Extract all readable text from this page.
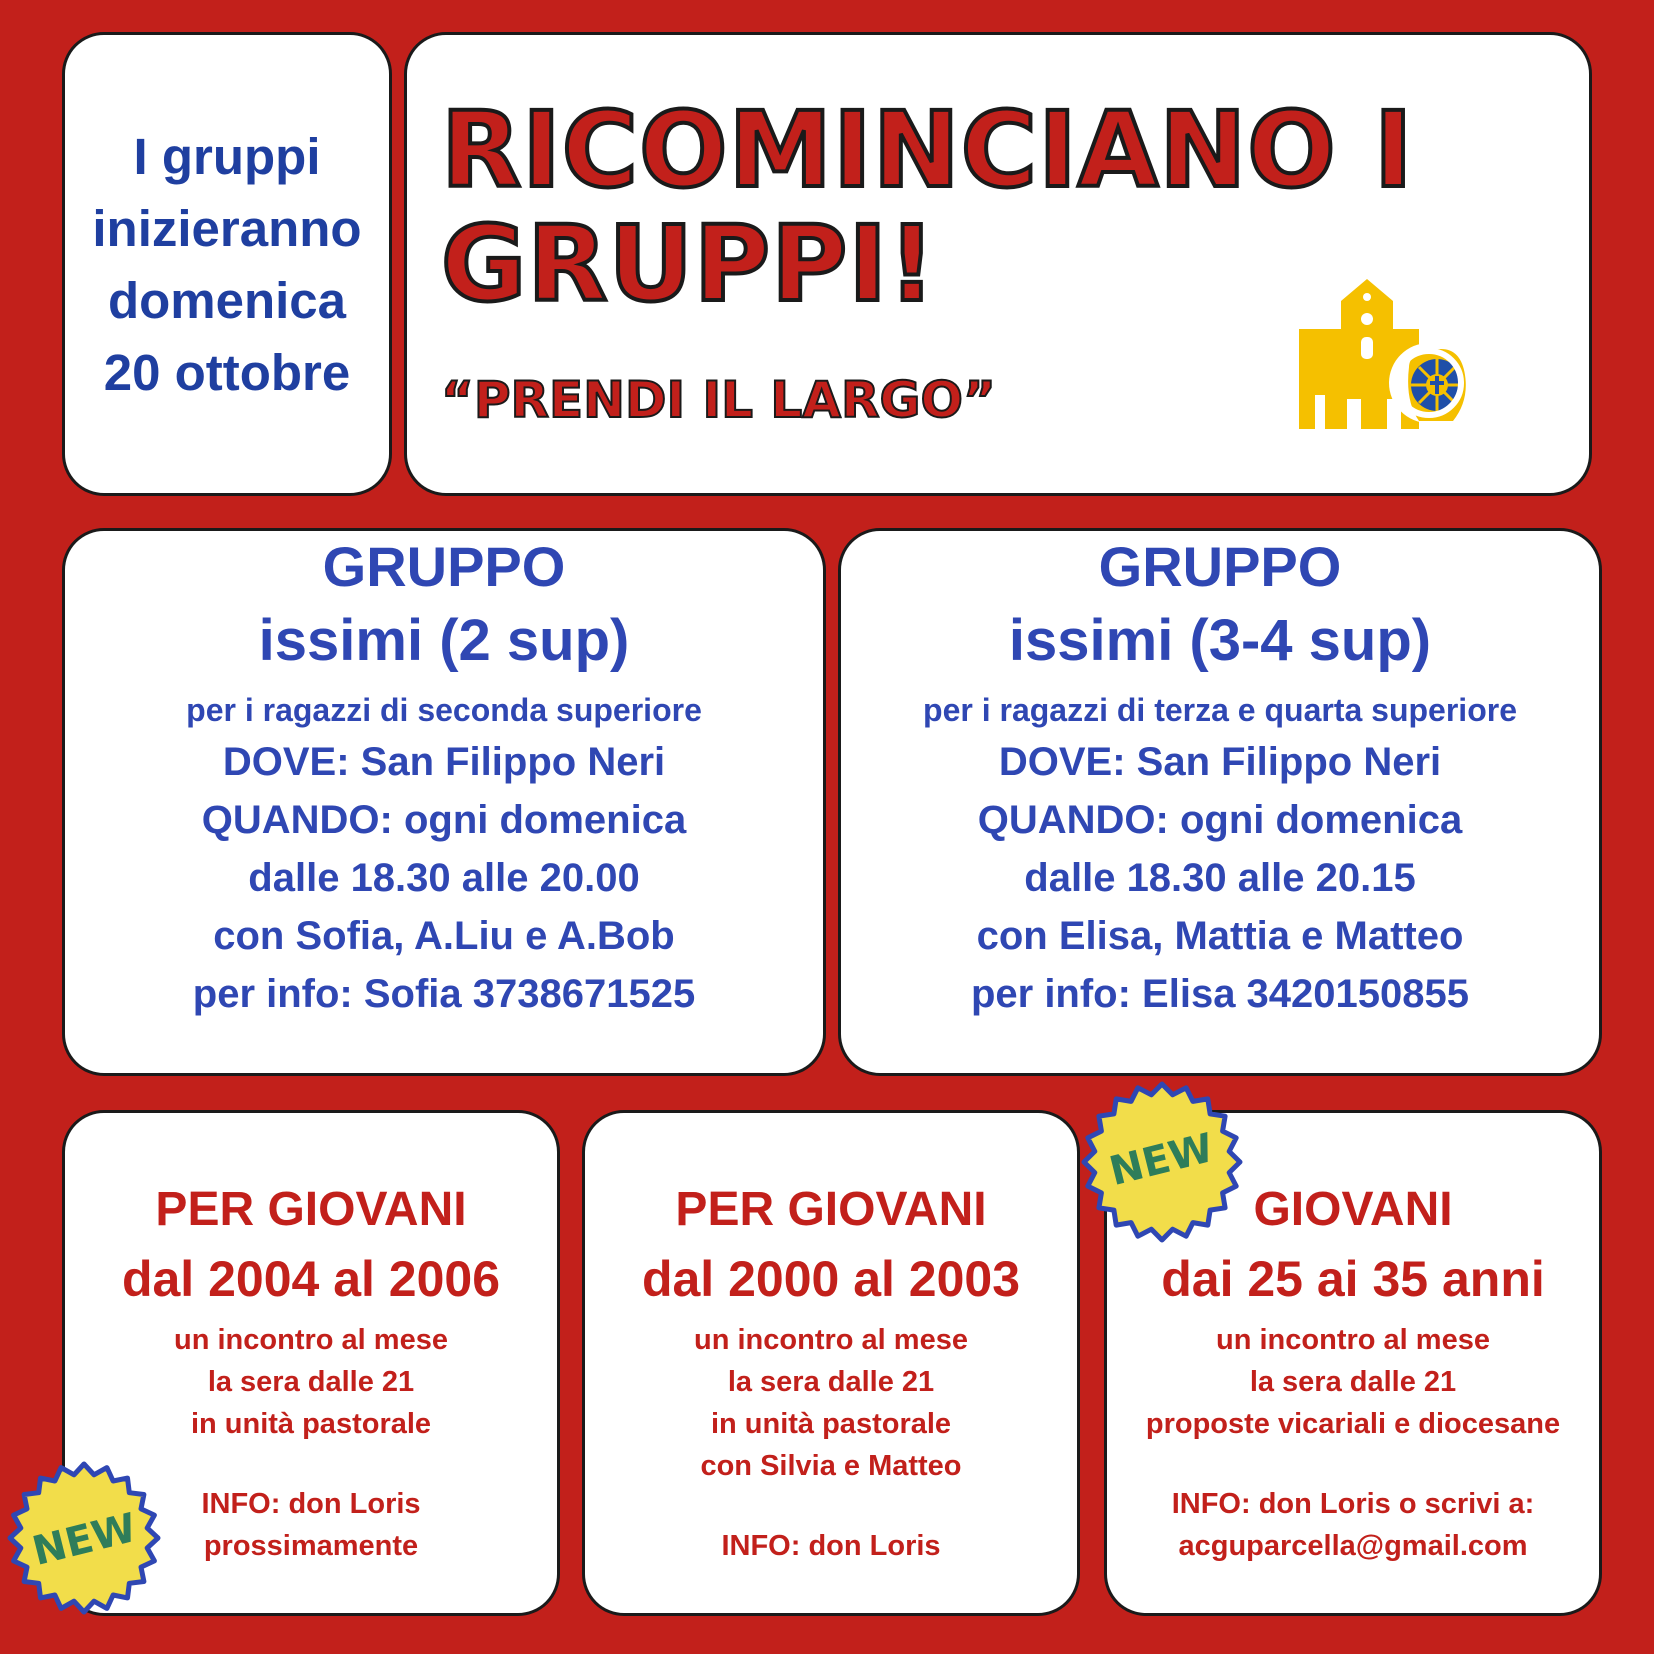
I gruppi
inizieranno
domenica
20 ottobre
RICOMINCIANO I
GRUPPI!
“PRENDI IL LARGO”
GRUPPO
issimi (2 sup)
per i ragazzi di seconda superiore
DOVE: San Filippo Neri
QUANDO: ogni domenica
dalle 18.30 alle 20.00
con Sofia, A.Liu e A.Bob
per info: Sofia 3738671525
GRUPPO
issimi (3-4 sup)
per i ragazzi di terza e quarta superiore
DOVE: San Filippo Neri
QUANDO: ogni domenica
dalle 18.30 alle 20.15
con Elisa, Mattia e Matteo
per info: Elisa 3420150855
PER GIOVANI
dal 2004 al 2006
un incontro al mese
la sera dalle 21
in unità pastorale
INFO: don Loris
prossimamente
PER GIOVANI
dal 2000 al 2003
un incontro al mese
la sera dalle 21
in unità pastorale
con Silvia e Matteo
INFO: don Loris
GIOVANI
dai 25 ai 35 anni
un incontro al mese
la sera dalle 21
proposte vicariali e diocesane
INFO: don Loris o scrivi a:
acguparcella@gmail.com
NEW
NEW
